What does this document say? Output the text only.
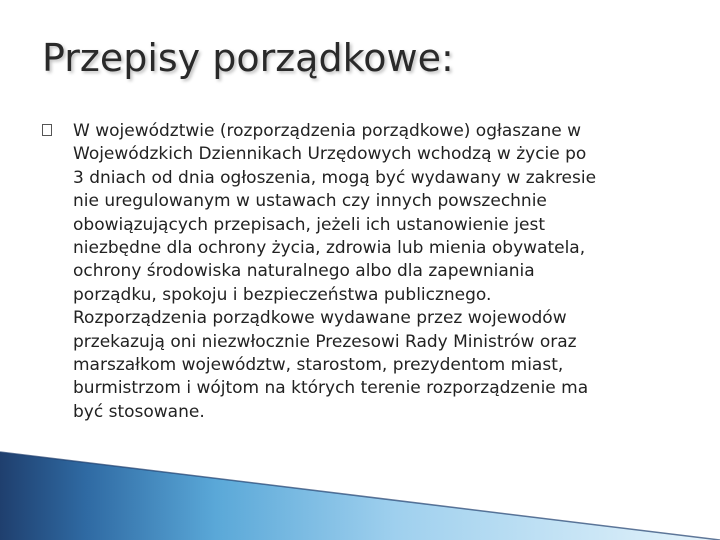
Przepisy porządkowe:
W województwie (rozporządzenia porządkowe) ogłaszane w
Wojewódzkich Dziennikach Urzędowych wchodzą w życie po
3 dniach od dnia ogłoszenia, mogą być wydawany w zakresie
nie uregulowanym w ustawach czy innych powszechnie
obowiązujących przepisach, jeżeli ich ustanowienie jest
niezbędne dla ochrony życia, zdrowia lub mienia obywatela,
ochrony środowiska naturalnego albo dla zapewniania
porządku, spokoju i bezpieczeństwa publicznego.
Rozporządzenia porządkowe wydawane przez wojewodów
przekazują oni niezwłocznie Prezesowi Rady Ministrów oraz
marszałkom województw, starostom, prezydentom miast,
burmistrzom i wójtom na których terenie rozporządzenie ma
być stosowane.
